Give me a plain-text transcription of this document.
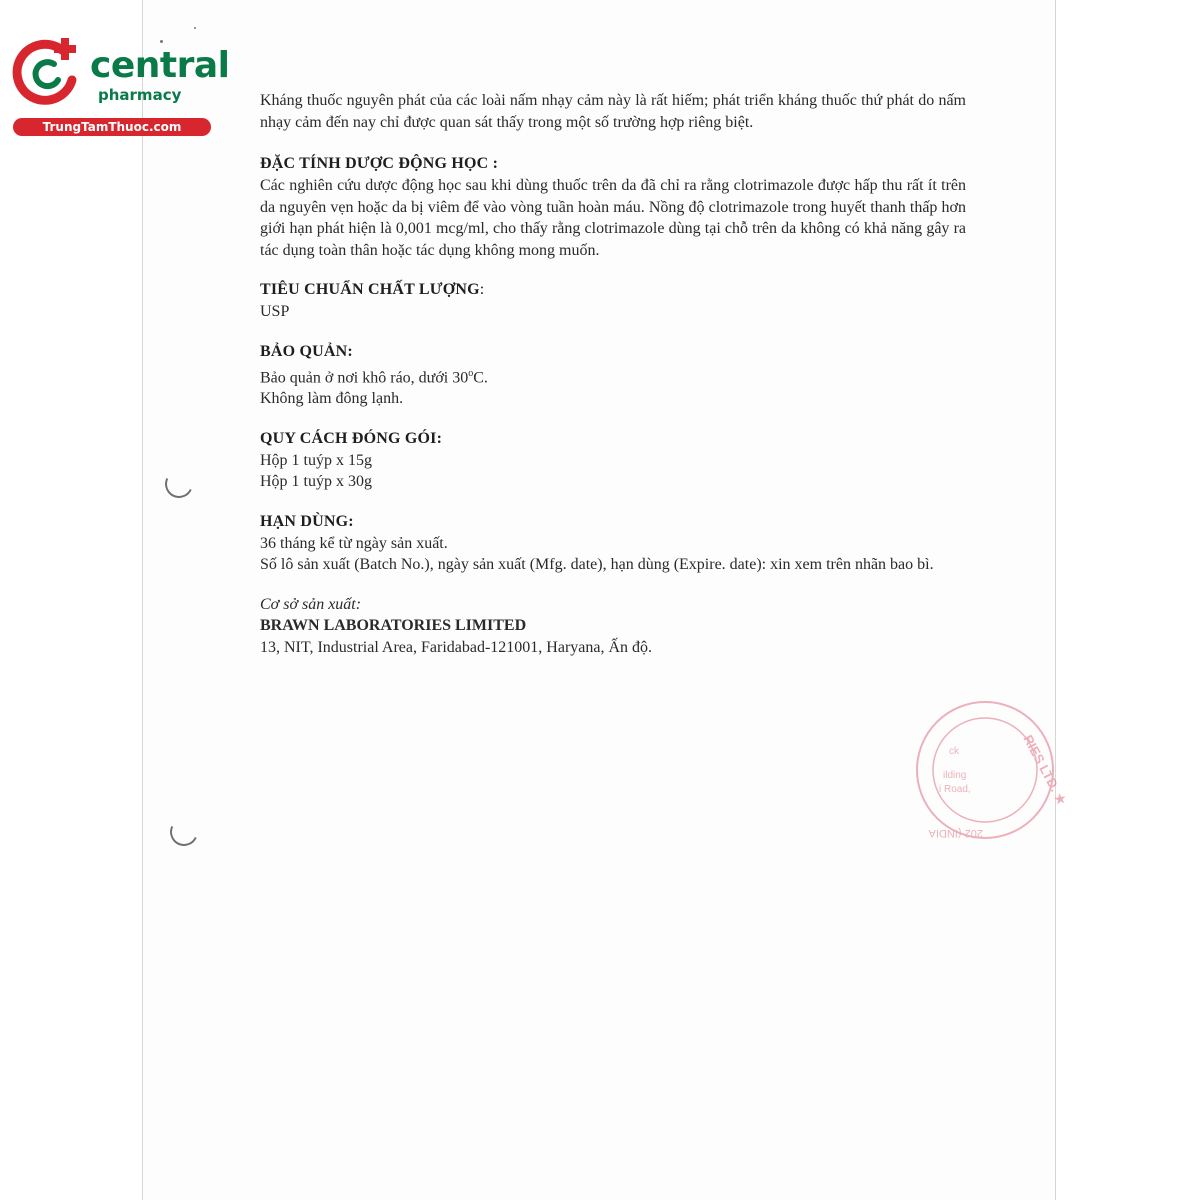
central
pharmacy
TrungTamThuoc.com

Kháng thuốc nguyên phát của các loài nấm nhạy cảm này là rất hiếm; phát triển kháng thuốc thứ phát do nấm nhạy cảm đến nay chỉ được quan sát thấy trong một số trường hợp riêng biệt.

ĐẶC TÍNH DƯỢC ĐỘNG HỌC :

Các nghiên cứu dược động học sau khi dùng thuốc trên da đã chỉ ra rằng clotrimazole được hấp thu rất ít trên da nguyên vẹn hoặc da bị viêm để vào vòng tuần hoàn máu. Nồng độ clotrimazole trong huyết thanh thấp hơn giới hạn phát hiện là 0,001 mcg/ml, cho thấy rằng clotrimazole dùng tại chỗ trên da không có khả năng gây ra tác dụng toàn thân hoặc tác dụng không mong muốn.

TIÊU CHUẨN CHẤT LƯỢNG:

USP

BẢO QUẢN:

Bảo quản ở nơi khô ráo, dưới 30$^o$C.

Không làm đông lạnh.

QUY CÁCH ĐÓNG GÓI:

Hộp 1 tuýp x 15g

Hộp 1 tuýp x 30g

HẠN DÙNG:

36 tháng kể từ ngày sản xuất.

Số lô sản xuất (Batch No.), ngày sản xuất (Mfg. date), hạn dùng (Expire. date): xin xem trên nhãn bao bì.

Cơ sở sản xuất:

BRAWN LABORATORIES LIMITED

13, NIT, Industrial Area, Faridabad-121001, Haryana, Ấn độ.

RIES LTD. ★
ck
ilding
i Road,
202 (INDIA
